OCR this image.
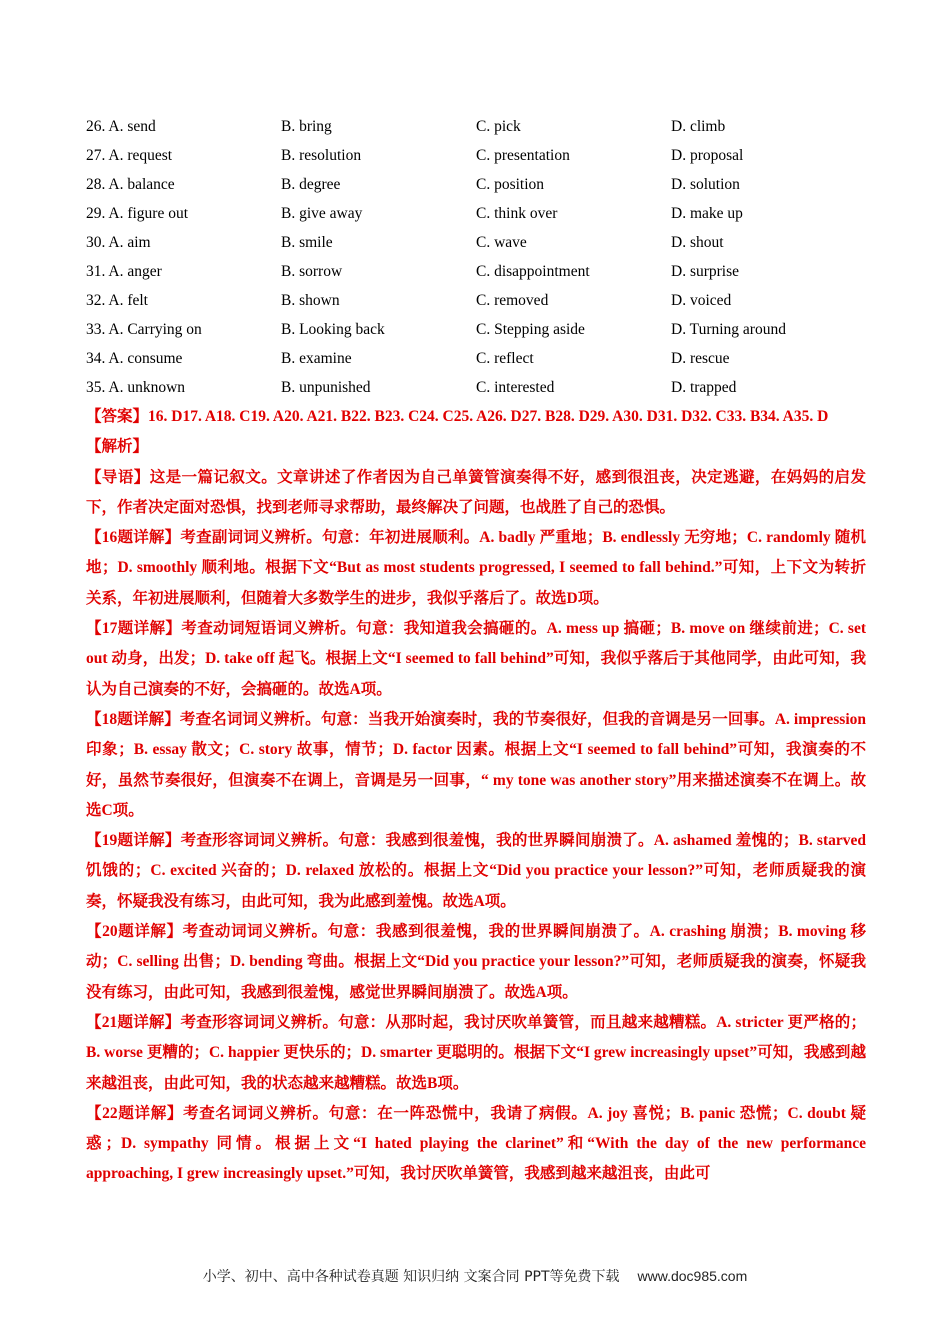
26. A. send	B. bring	C. pick	D. climb
27. A. request	B. resolution	C. presentation	D. proposal
28. A. balance	B. degree	C. position	D. solution
29. A. figure out	B. give away	C. think over	D. make up
30. A. aim	B. smile	C. wave	D. shout
31. A. anger	B. sorrow	C. disappointment	D. surprise
32. A. felt	B. shown	C. removed	D. voiced
33. A. Carrying on	B. Looking back	C. Stepping aside	D. Turning around
34. A. consume	B. examine	C. reflect	D. rescue
35. A. unknown	B. unpunished	C. interested	D. trapped

【答案】16. D17. A18. C19. A20. A21. B22. B23. C24. C25. A26. D27. B28. D29. A30. D31. D32. C33. B34. A35. D

【解析】

【导语】这是一篇记叙文。文章讲述了作者因为自己单簧管演奏得不好，感到很沮丧，决定逃避，在妈妈的启发下，作者决定面对恐惧，找到老师寻求帮助，最终解决了问题，也战胜了自己的恐惧。

【16题详解】考查副词词义辨析。句意：年初进展顺利。A. badly 严重地；B. endlessly 无穷地；C. randomly 随机地；D. smoothly 顺利地。根据下文“But as most students progressed, I seemed to fall behind.”可知，上下文为转折关系，年初进展顺利，但随着大多数学生的进步，我似乎落后了。故选D项。

【17题详解】考查动词短语词义辨析。句意：我知道我会搞砸的。A. mess up 搞砸；B. move on 继续前进；C. set out 动身，出发；D. take off 起飞。根据上文“I seemed to fall behind”可知，我似乎落后于其他同学，由此可知，我认为自己演奏的不好，会搞砸的。故选A项。

【18题详解】考查名词词义辨析。句意：当我开始演奏时，我的节奏很好，但我的音调是另一回事。A. impression 印象；B. essay 散文；C. story 故事，情节；D. factor 因素。根据上文“I seemed to fall behind”可知，我演奏的不好，虽然节奏很好，但演奏不在调上，音调是另一回事，“ my tone was another story”用来描述演奏不在调上。故选C项。

【19题详解】考查形容词词义辨析。句意：我感到很羞愧，我的世界瞬间崩溃了。A. ashamed 羞愧的；B. starved 饥饿的；C. excited 兴奋的；D. relaxed 放松的。根据上文“Did you practice your lesson?”可知，老师质疑我的演奏，怀疑我没有练习，由此可知，我为此感到羞愧。故选A项。

【20题详解】考查动词词义辨析。句意：我感到很羞愧，我的世界瞬间崩溃了。A. crashing 崩溃；B. moving 移动；C. selling 出售；D. bending 弯曲。根据上文“Did you practice your lesson?”可知，老师质疑我的演奏，怀疑我没有练习，由此可知，我感到很羞愧，感觉世界瞬间崩溃了。故选A项。

【21题详解】考查形容词词义辨析。句意：从那时起，我讨厌吹单簧管，而且越来越糟糕。A. stricter 更严格的；B. worse 更糟的；C. happier 更快乐的；D. smarter 更聪明的。根据下文“I grew increasingly upset”可知，我感到越来越沮丧，由此可知，我的状态越来越糟糕。故选B项。

【22题详解】考查名词词义辨析。句意：在一阵恐慌中，我请了病假。A. joy 喜悦；B. panic 恐慌；C. doubt 疑惑；D. sympathy 同情。根据上文“I hated playing the clarinet”和“With the day of the new performance approaching, I grew increasingly upset.”可知，我讨厌吹单簧管，我感到越来越沮丧，由此可

小学、初中、高中各种试卷真题 知识归纳 文案合同 PPT等免费下载 www.doc985.com
